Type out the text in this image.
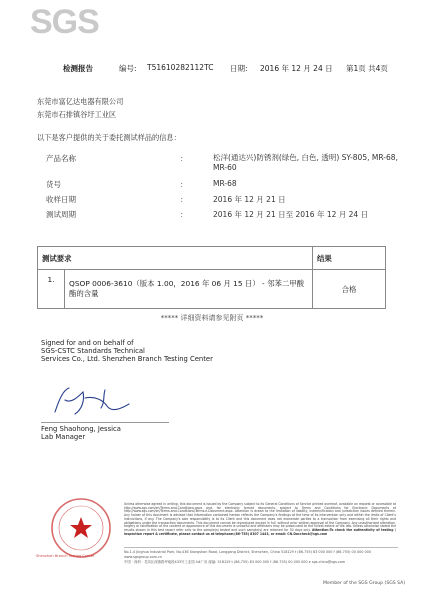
SGS
检测报告	编号: T51610282112TC 日期: 2016 年 12 月 24 日 第1页 共4页
东莞市富亿达电器有限公司
东莞市石排镇谷圩工业区
以下是客户提供的关于委托测试样品的信息：
产品名称	：	松洋(通达兴)防锈剂(绿色, 白色, 透明) SY-805, MR-68, MR-60
货号	：	MR-68
收样日期	：	2016 年 12 月 21 日
测试周期	：	2016 年 12 月 21 日至 2016 年 12 月 24 日
测试要求		结果
1.	QSOP 0006-3610（版本 1.00，2016 年 06 月 15 日） - 邻苯二甲酸酯的含量	合格
***** 详细资料请参见附页 *****
Signed for and on behalf of
SGS-CSTC Standards Technical
Services Co., Ltd. Shenzhen Branch Testing Center
Feng Shaohong, Jessica
Lab Manager
Shenzhen Branch Testing Center
Unless otherwise agreed in writing, this document is issued by the Company subject to its General Conditions of Service printed overleaf, available on request or accessible at http://www.sgs.com/en/Terms-and-Conditions.aspx and, for electronic format documents, subject to Terms and Conditions for Electronic Documents at http://www.sgs.com/en/Terms-and-Conditions/Terms-e-Document.aspx. Attention is drawn to the limitation of liability, indemnification and jurisdiction issues defined therein. Any holder of this document is advised that information contained hereon reflects the Company's findings at the time of its intervention only and within the limits of Client's instructions, if any. The Company's sole responsibility is to its Client and this document does not exonerate parties to a transaction from exercising all their rights and obligations under the transaction documents. This document cannot be reproduced except in full, without prior written approval of the Company. Any unauthorized alteration, forgery or falsification of the content or appearance of this document is unlawful and offenders may be prosecuted to the fullest extent of the law. Unless otherwise stated the results shown in this test report refer only to the sample(s) tested and such sample(s) are retained for 30 days only. Attention:To check the authenticity of testing / inspection report & certificate, please contact us at telephone:(86-755) 8307 1443, or email: CN.Doccheck@sgs.com
No.1-4 Jinghua Industrial Park, No.436 Xiangshan Road, Longgang District, Shenzhen, China 518129 t (86-755) 83 000 000 f (86-755) 00 000 000 www.sgsgroup.com.cn
中国 · 深圳 · 龙岗区深惠路坪地段433号工业园 4#厂房 邮编: 518129 t (86-755) 83 000 000 f (86-755) 00 000 000 e sgs.china@sgs.com
Member of the SGS Group (SGS SA)
